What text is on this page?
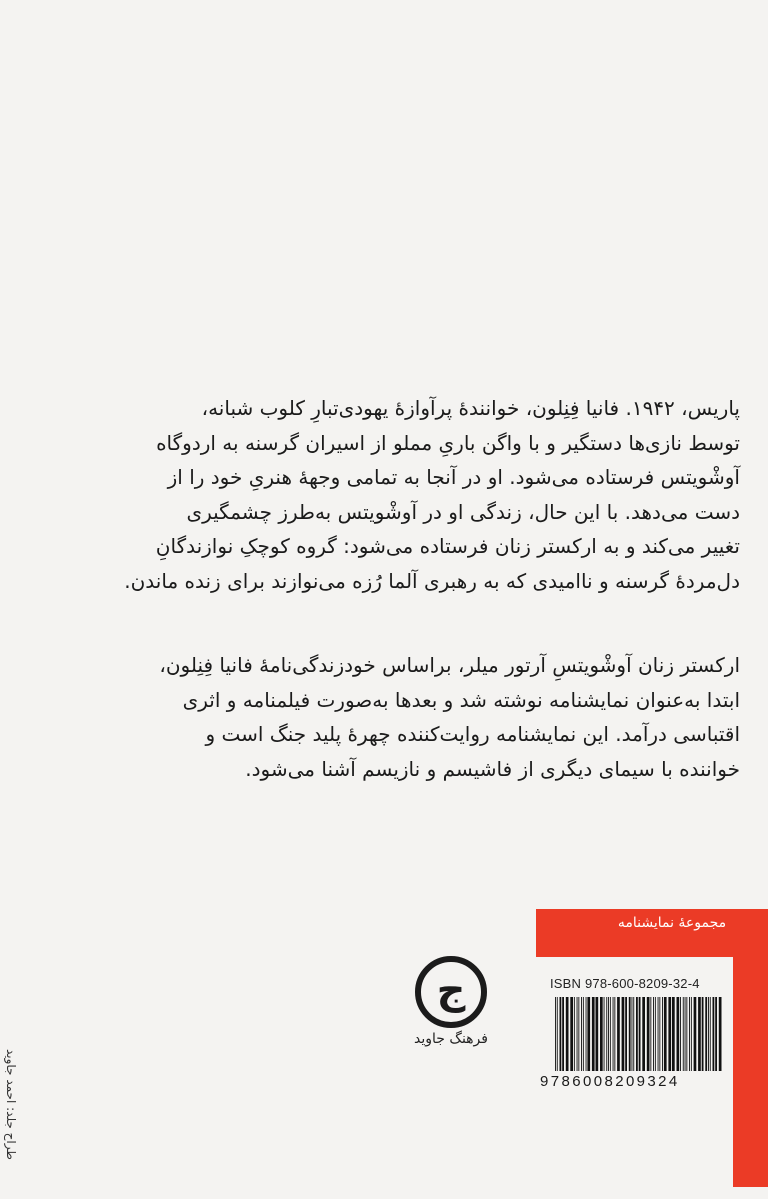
پاریس، ۱۹۴۲. فانیا فِنِلون، خوانندهٔ پرآوازهٔ یهودی‌تبارِ کلوب شبانه،
توسط نازی‌ها دستگیر و با واگن باریِ مملو از اسیران گرسنه به اردوگاه
آوشْویتس فرستاده می‌شود. او در آنجا به تمامی وجههٔ هنریِ خود را از
دست می‌دهد. با این حال، زندگی او در آوشْویتس به‌طرز چشمگیری
تغییر می‌کند و به ارکستر زنان فرستاده می‌شود: گروه کوچکِ نوازندگانِ
دل‌مردهٔ گرسنه و ناامیدی که به رهبری آلما رُزه می‌نوازند برای زنده ماندن.
ارکستر زنان آوشْویتسِ آرتور میلر، براساس خودزندگی‌نامهٔ فانیا فِنِلون،
ابتدا به‌عنوان نمایشنامه نوشته شد و بعدها به‌صورت فیلمنامه و اثری
اقتباسی درآمد. این نمایشنامه روایت‌کننده چهرهٔ پلید جنگ است و
خواننده با سیمای دیگری از فاشیسم و نازیسم آشنا می‌شود.
مجموعهٔ نمایشنامه
ISBN 978-600-8209-32-4
9786008209324
ج
فرهنگ جاوید
طراح جلد: احمد جاوید
